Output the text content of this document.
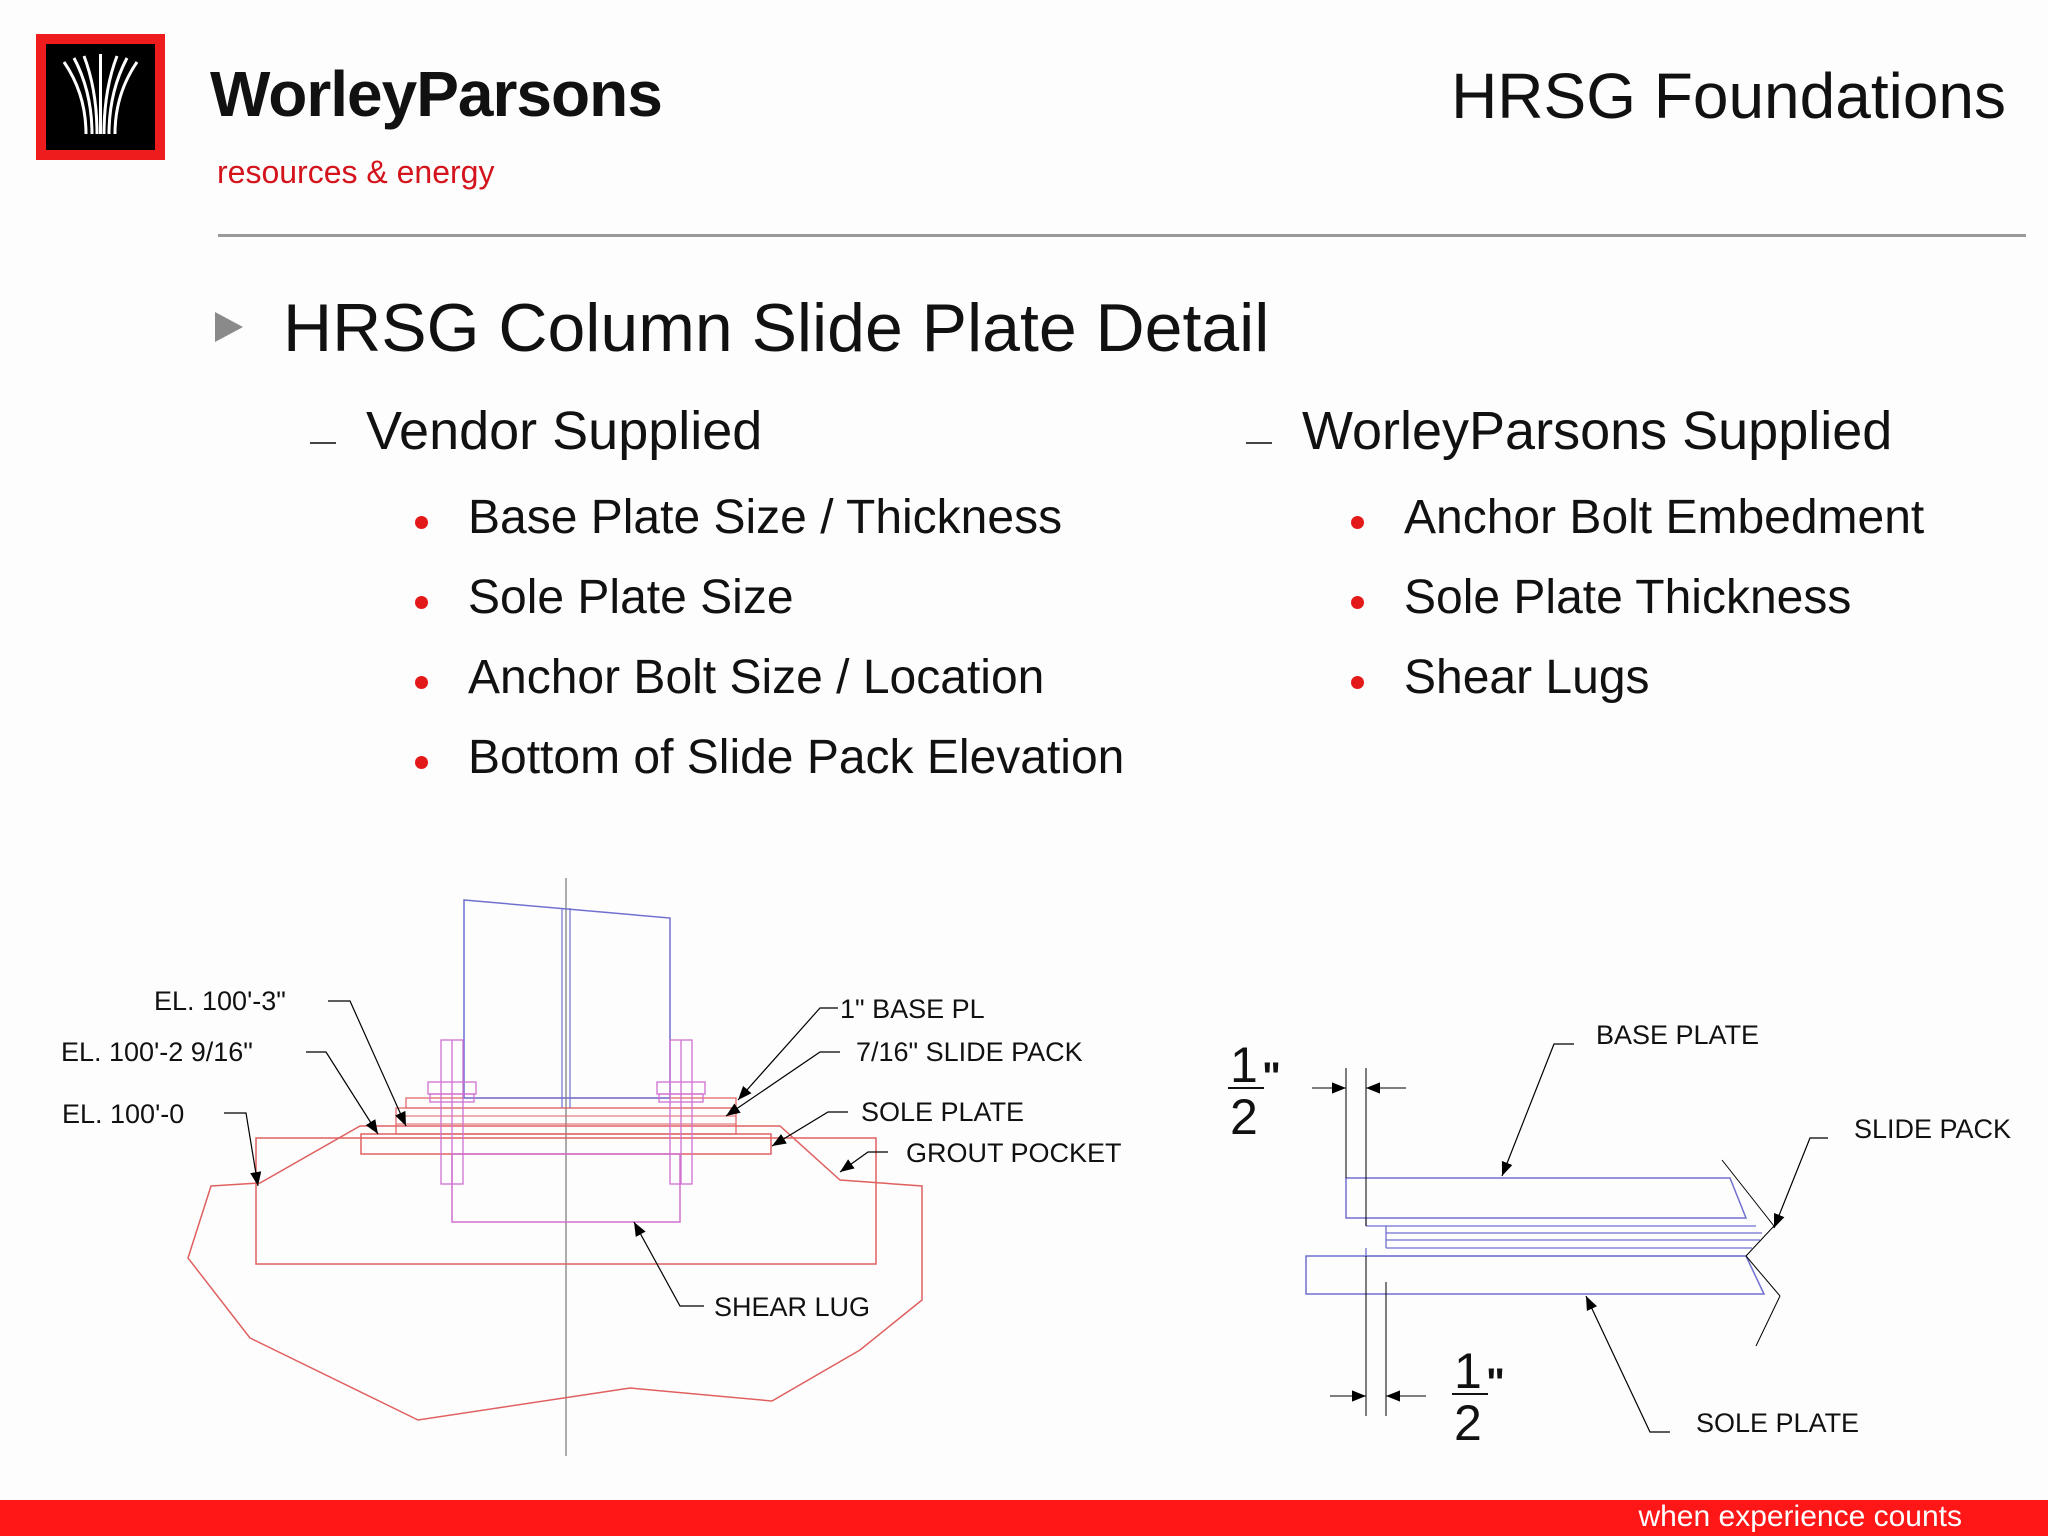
WorleyParsons
resources & energy
HRSG Foundations
HRSG Column Slide Plate Detail
Vendor Supplied
Base Plate Size / Thickness
Sole Plate Size
Anchor Bolt Size / Location
Bottom of Slide Pack Elevation
WorleyParsons Supplied
Anchor Bolt Embedment
Sole Plate Thickness
Shear Lugs
EL. 100'-3"
EL. 100'-2 9/16"
EL. 100'-0
1" BASE PL
7/16" SLIDE PACK
SOLE PLATE
GROUT POCKET
SHEAR LUG
BASE PLATE
SLIDE PACK
SOLE PLATE
1
2
"
1
2
"
when experience counts
